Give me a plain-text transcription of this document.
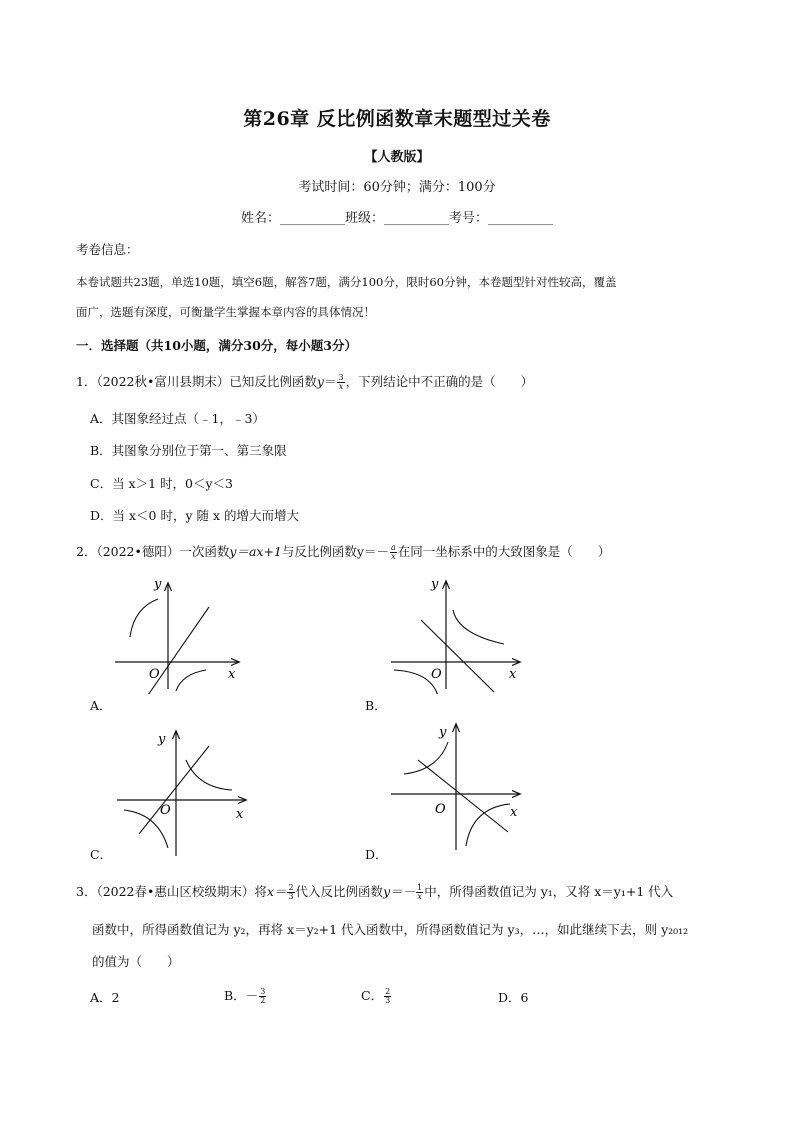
第26章 反比例函数章末题型过关卷
【人教版】
考试时间：60分钟；满分：100分
姓名：__________班级：__________考号：__________
考卷信息：
本卷试题共23题，单选10题，填空6题，解答7题，满分100分，限时60分钟，本卷题型针对性较高，覆盖
面广，选题有深度，可衡量学生掌握本章内容的具体情况！
一．选择题（共10小题，满分30分，每小题3分）
1．（2022秋•富川县期末）已知反比例函数$y= \frac{3}{x}$ ，下列结论中不正确的是（　　）
A．其图象经过点（﹣1，﹣3）
B．其图象分别位于第一、第三象限
C．当 x＞1 时，0＜y＜3
D．当 x＜0 时，y 随 x 的增大而增大
2．（2022•德阳）一次函数y＝ax+1与反比例函数$y=- \frac{a}{x}$ 在同一坐标系中的大致图象是（　　）
y
x
O
A．
y
x
O
B．
y
x
O
C．
y
x
O
D．
3．（2022春•惠山区校级期末）将$x= \frac{2}{3}$ 代入反比例函数$y=- \frac{1}{x}$ 中，所得函数值记为 y₁，又将 x＝y₁+1 代入
函数中，所得函数值记为 y₂，再将 x＝y₂+1 代入函数中，所得函数值记为 y₃，…，如此继续下去，则 y₂₀₁₂
的值为（　　）
A．2	B．－ $\frac{3}{2}$	C． $\frac{2}{3}$	D．6
